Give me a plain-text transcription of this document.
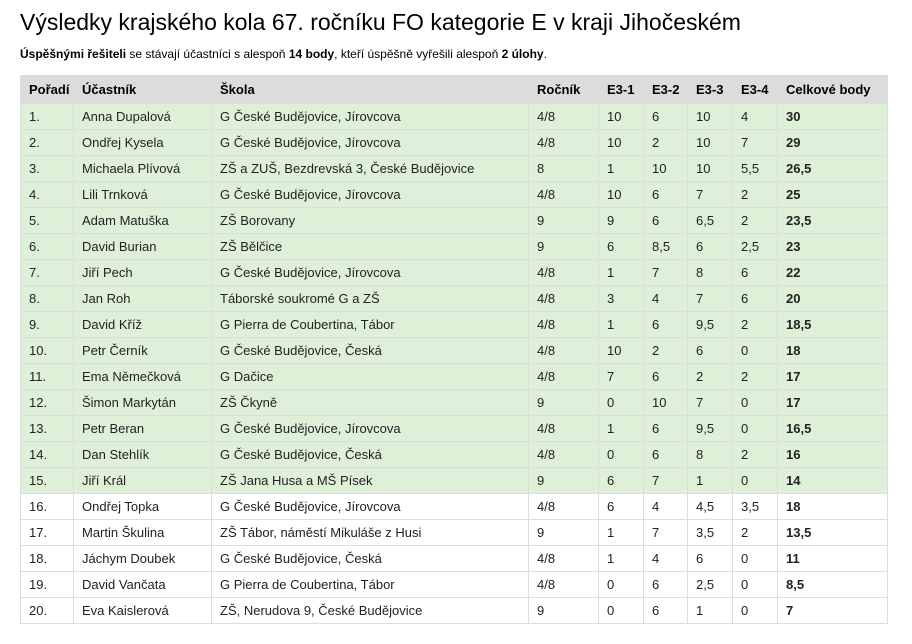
Výsledky krajského kola 67. ročníku FO kategorie E v kraji Jihočeském

Úspěšnými řešiteli se stávají účastníci s alespoň 14 body, kteří úspěšně vyřešili alespoň 2 úlohy.

Pořadí	Účastník	Škola	Ročník	E3-1	E3-2	E3-3	E3-4	Celkové body
1.	Anna Dupalová	G České Budějovice, Jírovcova	4/8	10	6	10	4	30
2.	Ondřej Kysela	G České Budějovice, Jírovcova	4/8	10	2	10	7	29
3.	Michaela Plívová	ZŠ a ZUŠ, Bezdrevská 3, České Budějovice	8	1	10	10	5,5	26,5
4.	Lili Trnková	G České Budějovice, Jírovcova	4/8	10	6	7	2	25
5.	Adam Matuška	ZŠ Borovany	9	9	6	6,5	2	23,5
6.	David Burian	ZŠ Bělčice	9	6	8,5	6	2,5	23
7.	Jiří Pech	G České Budějovice, Jírovcova	4/8	1	7	8	6	22
8.	Jan Roh	Táborské soukromé G a ZŠ	4/8	3	4	7	6	20
9.	David Kříž	G Pierra de Coubertina, Tábor	4/8	1	6	9,5	2	18,5
10.	Petr Černík	G České Budějovice, Česká	4/8	10	2	6	0	18
11.	Ema Němečková	G Dačice	4/8	7	6	2	2	17
12.	Šimon Markytán	ZŠ Čkyně	9	0	10	7	0	17
13.	Petr Beran	G České Budějovice, Jírovcova	4/8	1	6	9,5	0	16,5
14.	Dan Stehlík	G České Budějovice, Česká	4/8	0	6	8	2	16
15.	Jiří Král	ZŠ Jana Husa a MŠ Písek	9	6	7	1	0	14
16.	Ondřej Topka	G České Budějovice, Jírovcova	4/8	6	4	4,5	3,5	18
17.	Martin Škulina	ZŠ Tábor, náměstí Mikuláše z Husi	9	1	7	3,5	2	13,5
18.	Jáchym Doubek	G České Budějovice, Česká	4/8	1	4	6	0	11
19.	David Vančata	G Pierra de Coubertina, Tábor	4/8	0	6	2,5	0	8,5
20.	Eva Kaislerová	ZŠ, Nerudova 9, České Budějovice	9	0	6	1	0	7
